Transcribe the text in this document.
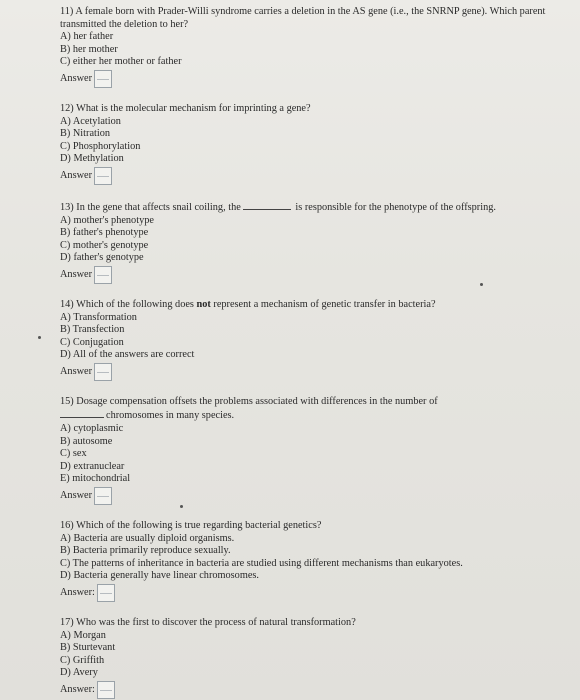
11) A female born with Prader-Willi syndrome carries a deletion in the AS gene (i.e., the SNRNP gene). Which parent transmitted the deletion to her?

A) her father

B) her mother

C) either her mother or father

Answer

12) What is the molecular mechanism for imprinting a gene?

A) Acetylation

B) Nitration

C) Phosphorylation

D) Methylation

Answer

13) In the gene that affects snail coiling, the	is responsible for the phenotype of the offspring.

A) mother's phenotype

B) father's phenotype

C) mother's genotype

D) father's genotype

Answer

14) Which of the following does not represent a mechanism of genetic transfer in bacteria?

A) Transformation

B) Transfection

C) Conjugation

D) All of the answers are correct

Answer

15) Dosage compensation offsets the problems associated with differences in the number of

chromosomes in many species.

A) cytoplasmic

B) autosome

C) sex

D) extranuclear

E) mitochondrial

Answer

16) Which of the following is true regarding bacterial genetics?

A) Bacteria are usually diploid organisms.

B) Bacteria primarily reproduce sexually.

C) The patterns of inheritance in bacteria are studied using different mechanisms than eukaryotes.

D) Bacteria generally have linear chromosomes.

Answer:

17) Who was the first to discover the process of natural transformation?

A) Morgan

B) Sturtevant

C) Griffith

D) Avery

Answer:
